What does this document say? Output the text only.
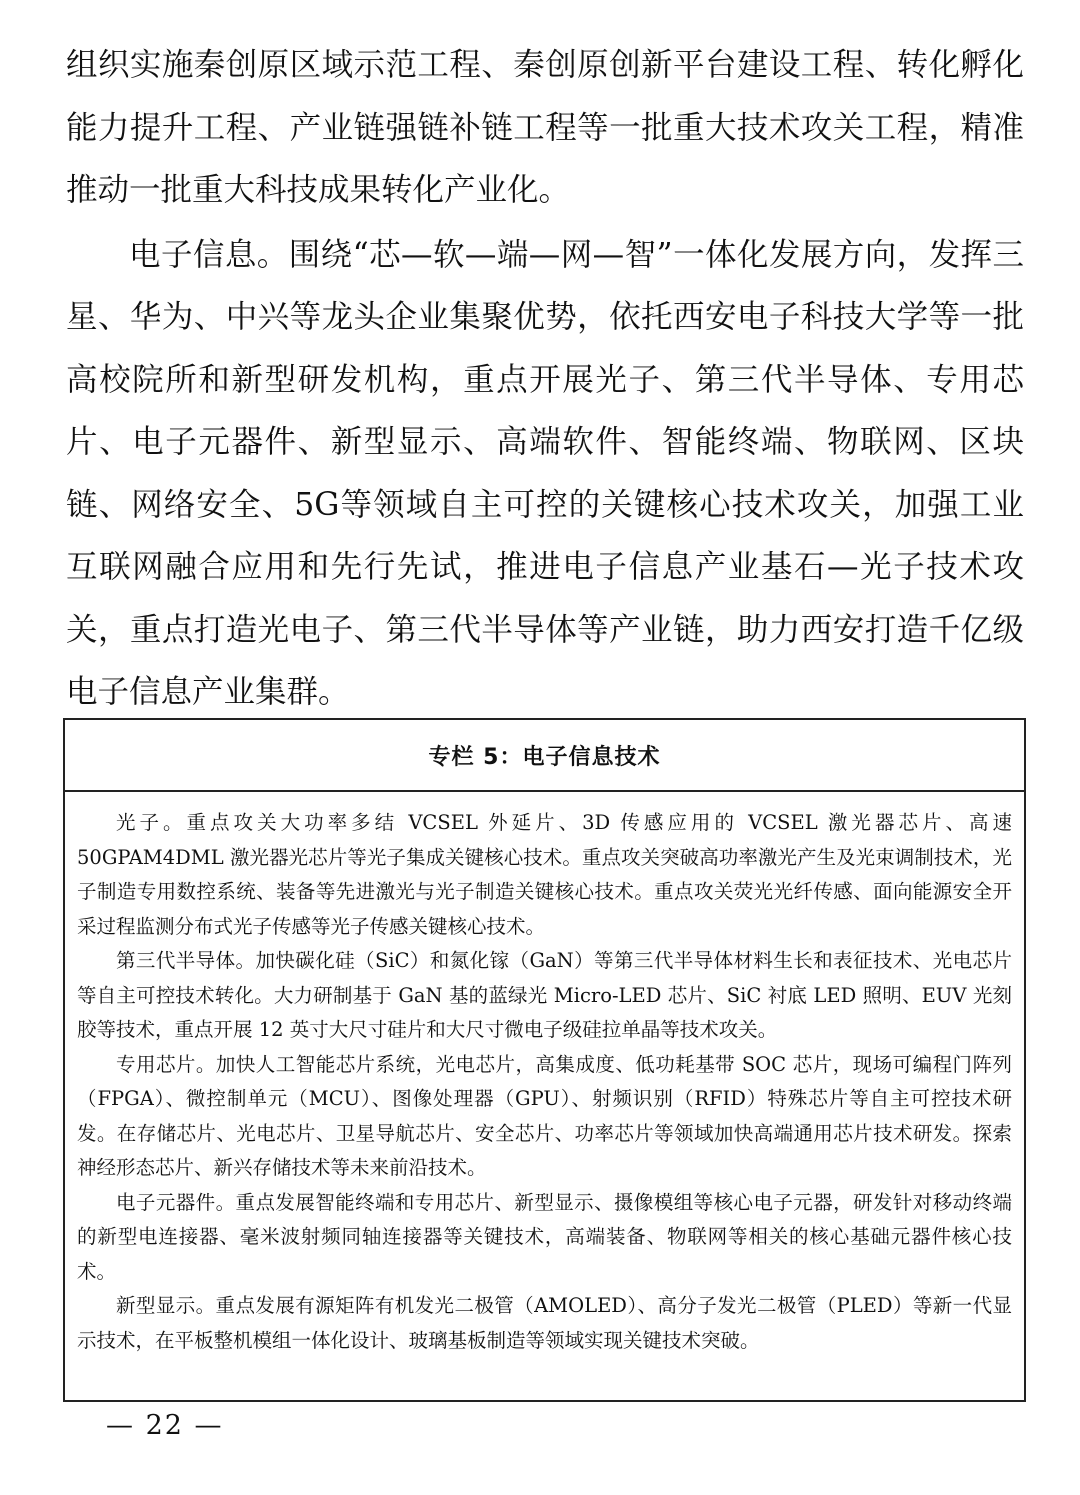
组织实施秦创原区域示范工程、秦创原创新平台建设工程、转化孵化能力提升工程、产业链强链补链工程等一批重大技术攻关工程，精准推动一批重大科技成果转化产业化。

电子信息。围绕“芯—软—端—网—智”一体化发展方向，发挥三星、华为、中兴等龙头企业集聚优势，依托西安电子科技大学等一批高校院所和新型研发机构，重点开展光子、第三代半导体、专用芯片、电子元器件、新型显示、高端软件、智能终端、物联网、区块链、网络安全、5G等领域自主可控的关键核心技术攻关，加强工业互联网融合应用和先行先试，推进电子信息产业基石—光子技术攻关，重点打造光电子、第三代半导体等产业链，助力西安打造千亿级电子信息产业集群。

专栏 5：电子信息技术

光子。重点攻关大功率多结 VCSEL 外延片、3D 传感应用的 VCSEL 激光器芯片、高速 50GPAM4DML 激光器光芯片等光子集成关键核心技术。重点攻关突破高功率激光产生及光束调制技术，光子制造专用数控系统、装备等先进激光与光子制造关键核心技术。重点攻关荧光光纤传感、面向能源安全开采过程监测分布式光子传感等光子传感关键核心技术。

第三代半导体。加快碳化硅（SiC）和氮化镓（GaN）等第三代半导体材料生长和表征技术、光电芯片等自主可控技术转化。大力研制基于 GaN 基的蓝绿光 Micro-LED 芯片、SiC 衬底 LED 照明、EUV 光刻胶等技术，重点开展 12 英寸大尺寸硅片和大尺寸微电子级硅拉单晶等技术攻关。

专用芯片。加快人工智能芯片系统，光电芯片，高集成度、低功耗基带 SOC 芯片，现场可编程门阵列（FPGA）、微控制单元（MCU）、图像处理器（GPU）、射频识别（RFID）特殊芯片等自主可控技术研发。在存储芯片、光电芯片、卫星导航芯片、安全芯片、功率芯片等领域加快高端通用芯片技术研发。探索神经形态芯片、新兴存储技术等未来前沿技术。

电子元器件。重点发展智能终端和专用芯片、新型显示、摄像模组等核心电子元器，研发针对移动终端的新型电连接器、毫米波射频同轴连接器等关键技术，高端装备、物联网等相关的核心基础元器件核心技术。

新型显示。重点发展有源矩阵有机发光二极管（AMOLED）、高分子发光二极管（PLED）等新一代显示技术，在平板整机模组一体化设计、玻璃基板制造等领域实现关键技术突破。

— 22 —
